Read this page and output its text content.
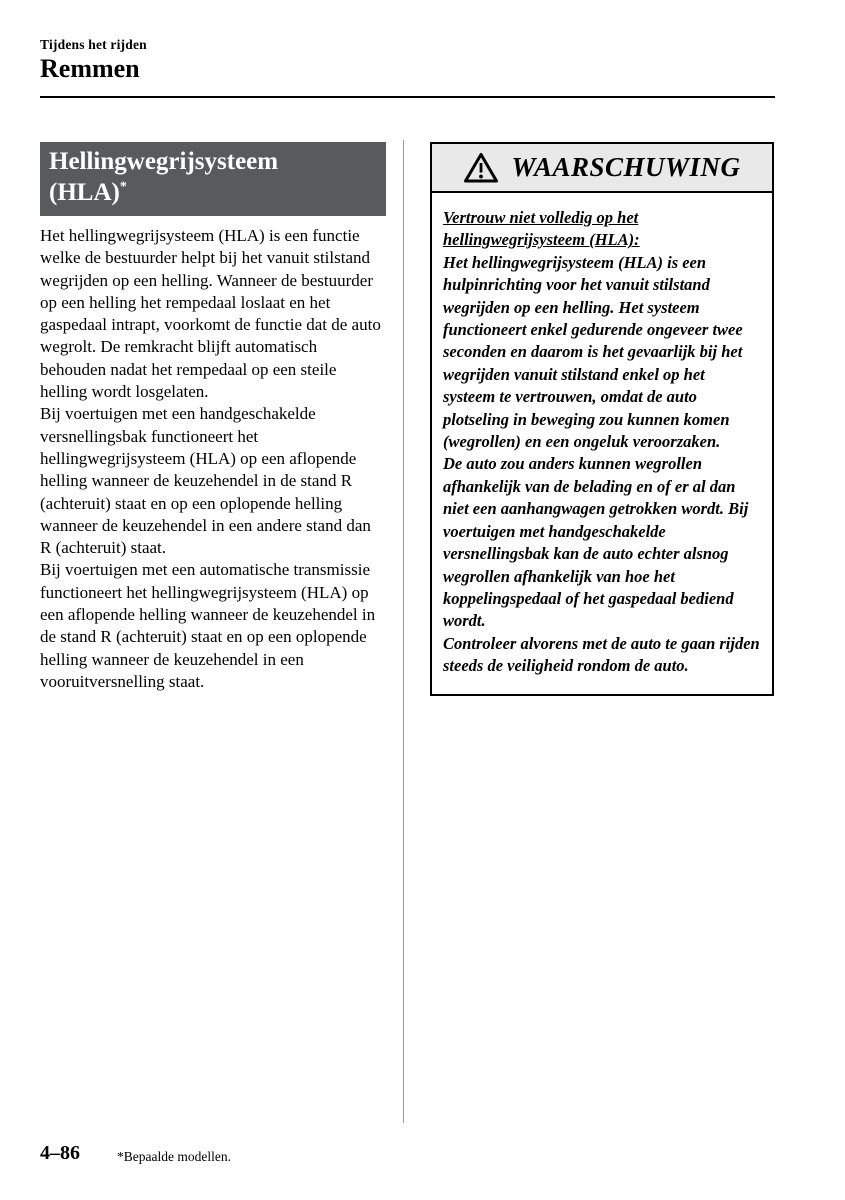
Tijdens het rijden
Remmen
Hellingwegrijsysteem
(HLA)*

Het hellingwegrijsysteem (HLA) is een functie welke de bestuurder helpt bij het vanuit stilstand wegrijden op een helling. Wanneer de bestuurder op een helling het rempedaal loslaat en het gaspedaal intrapt, voorkomt de functie dat de auto wegrolt. De remkracht blijft automatisch behouden nadat het rempedaal op een steile helling wordt losgelaten.

Bij voertuigen met een handgeschakelde versnellingsbak functioneert het hellingwegrijsysteem (HLA) op een aflopende helling wanneer de keuzehendel in de stand R (achteruit) staat en op een oplopende helling wanneer de keuzehendel in een andere stand dan R (achteruit) staat.

Bij voertuigen met een automatische transmissie functioneert het hellingwegrijsysteem (HLA) op een aflopende helling wanneer de keuzehendel in de stand R (achteruit) staat en op een oplopende helling wanneer de keuzehendel in een vooruitversnelling staat.

WAARSCHUWING

Vertrouw niet volledig op het hellingwegrijsysteem (HLA):

Het hellingwegrijsysteem (HLA) is een hulpinrichting voor het vanuit stilstand wegrijden op een helling. Het systeem functioneert enkel gedurende ongeveer twee seconden en daarom is het gevaarlijk bij het wegrijden vanuit stilstand enkel op het systeem te vertrouwen, omdat de auto plotseling in beweging zou kunnen komen (wegrollen) en een ongeluk veroorzaken.

De auto zou anders kunnen wegrollen afhankelijk van de belading en of er al dan niet een aanhangwagen getrokken wordt. Bij voertuigen met handgeschakelde versnellingsbak kan de auto echter alsnog wegrollen afhankelijk van hoe het koppelingspedaal of het gaspedaal bediend wordt.

Controleer alvorens met de auto te gaan rijden steeds de veiligheid rondom de auto.

4–86	*Bepaalde modellen.
